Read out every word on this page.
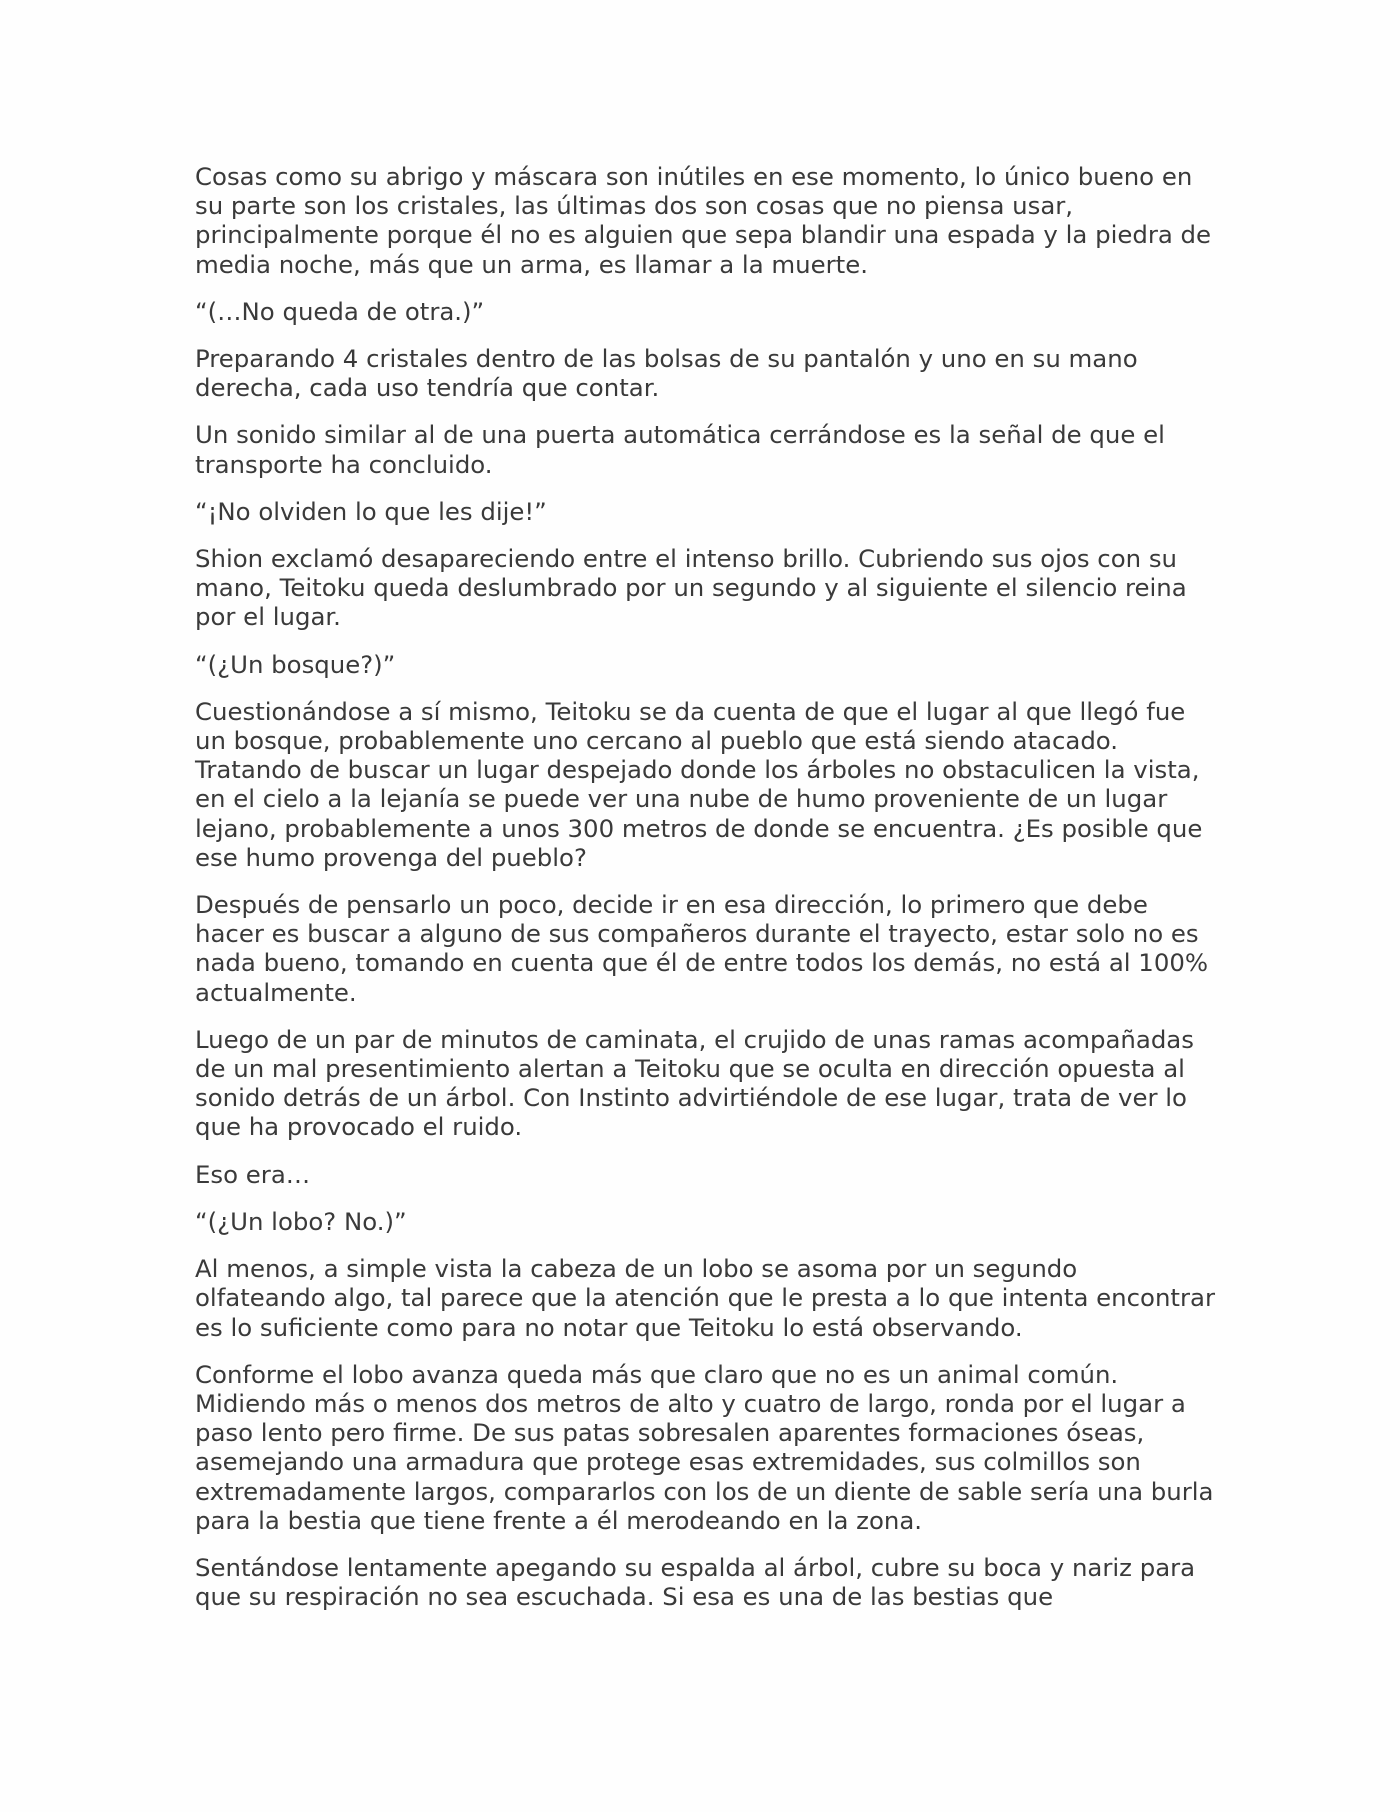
Cosas como su abrigo y máscara son inútiles en ese momento, lo único bueno en su parte son los cristales, las últimas dos son cosas que no piensa usar, principalmente porque él no es alguien que sepa blandir una espada y la piedra de media noche, más que un arma, es llamar a la muerte.

“(…No queda de otra.)”

Preparando 4 cristales dentro de las bolsas de su pantalón y uno en su mano derecha, cada uso tendría que contar.

Un sonido similar al de una puerta automática cerrándose es la señal de que el transporte ha concluido.

“¡No olviden lo que les dije!”

Shion exclamó desapareciendo entre el intenso brillo. Cubriendo sus ojos con su mano, Teitoku queda deslumbrado por un segundo y al siguiente el silencio reina por el lugar.

“(¿Un bosque?)”

Cuestionándose a sí mismo, Teitoku se da cuenta de que el lugar al que llegó fue un bosque, probablemente uno cercano al pueblo que está siendo atacado. Tratando de buscar un lugar despejado donde los árboles no obstaculicen la vista, en el cielo a la lejanía se puede ver una nube de humo proveniente de un lugar lejano, probablemente a unos 300 metros de donde se encuentra. ¿Es posible que ese humo provenga del pueblo?

Después de pensarlo un poco, decide ir en esa dirección, lo primero que debe hacer es buscar a alguno de sus compañeros durante el trayecto, estar solo no es nada bueno, tomando en cuenta que él de entre todos los demás, no está al 100% actualmente.

Luego de un par de minutos de caminata, el crujido de unas ramas acompañadas de un mal presentimiento alertan a Teitoku que se oculta en dirección opuesta al sonido detrás de un árbol. Con Instinto advirtiéndole de ese lugar, trata de ver lo que ha provocado el ruido.

Eso era…

“(¿Un lobo? No.)”

Al menos, a simple vista la cabeza de un lobo se asoma por un segundo olfateando algo, tal parece que la atención que le presta a lo que intenta encontrar es lo suficiente como para no notar que Teitoku lo está observando.

Conforme el lobo avanza queda más que claro que no es un animal común. Midiendo más o menos dos metros de alto y cuatro de largo, ronda por el lugar a paso lento pero firme. De sus patas sobresalen aparentes formaciones óseas, asemejando una armadura que protege esas extremidades, sus colmillos son extremadamente largos, compararlos con los de un diente de sable sería una burla para la bestia que tiene frente a él merodeando en la zona.

Sentándose lentamente apegando su espalda al árbol, cubre su boca y nariz para que su respiración no sea escuchada. Si esa es una de las bestias que
